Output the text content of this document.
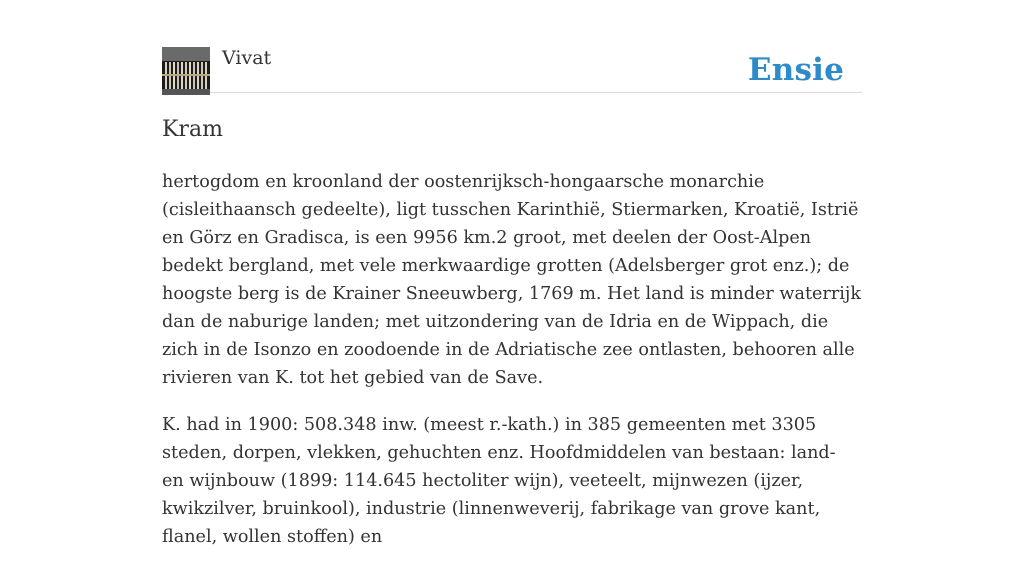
Vivat	Ensie
Kram

hertogdom en kroonland der oostenrijksch-hongaarsche monarchie (cisleithaansch gedeelte), ligt tusschen Karinthië, Stiermarken, Kroatië, Istrië en Görz en Gradisca, is een 9956 km.2 groot, met deelen der Oost-Alpen bedekt bergland, met vele merkwaardige grotten (Adelsberger grot enz.); de hoogste berg is de Krainer Sneeuwberg, 1769 m. Het land is minder waterrijk dan de naburige landen; met uitzondering van de Idria en de Wippach, die zich in de Isonzo en zoodoende in de Adriatische zee ontlasten, behooren alle rivieren van K. tot het gebied van de Save.

K. had in 1900: 508.348 inw. (meest r.-kath.) in 385 gemeenten met 3305 steden, dorpen, vlekken, gehuchten enz. Hoofdmiddelen van bestaan: land- en wijnbouw (1899: 114.645 hectoliter wijn), veeteelt, mijnwezen (ijzer, kwikzilver, bruinkool), industrie (linnenweverij, fabrikage van grove kant, flanel, wollen stoffen) en
